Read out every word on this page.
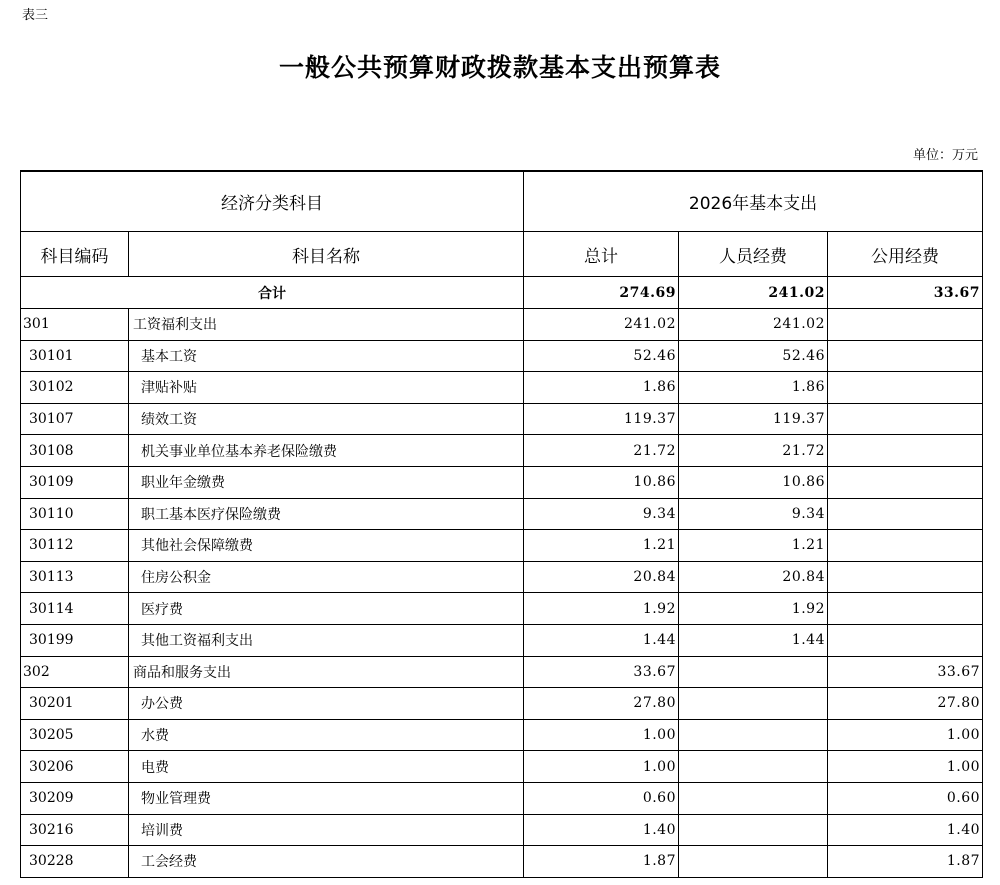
表三
一般公共预算财政拨款基本支出预算表
单位：万元
经济分类科目		2026年基本支出		
科目编码	科目名称	总计	人员经费	公用经费
合计		274.69	241.02	33.67
301	工资福利支出	241.02	241.02	
30101	基本工资	52.46	52.46	
30102	津贴补贴	1.86	1.86	
30107	绩效工资	119.37	119.37	
30108	机关事业单位基本养老保险缴费	21.72	21.72	
30109	职业年金缴费	10.86	10.86	
30110	职工基本医疗保险缴费	9.34	9.34	
30112	其他社会保障缴费	1.21	1.21	
30113	住房公积金	20.84	20.84	
30114	医疗费	1.92	1.92	
30199	其他工资福利支出	1.44	1.44	
302	商品和服务支出	33.67		33.67
30201	办公费	27.80		27.80
30205	水费	1.00		1.00
30206	电费	1.00		1.00
30209	物业管理费	0.60		0.60
30216	培训费	1.40		1.40
30228	工会经费	1.87		1.87
